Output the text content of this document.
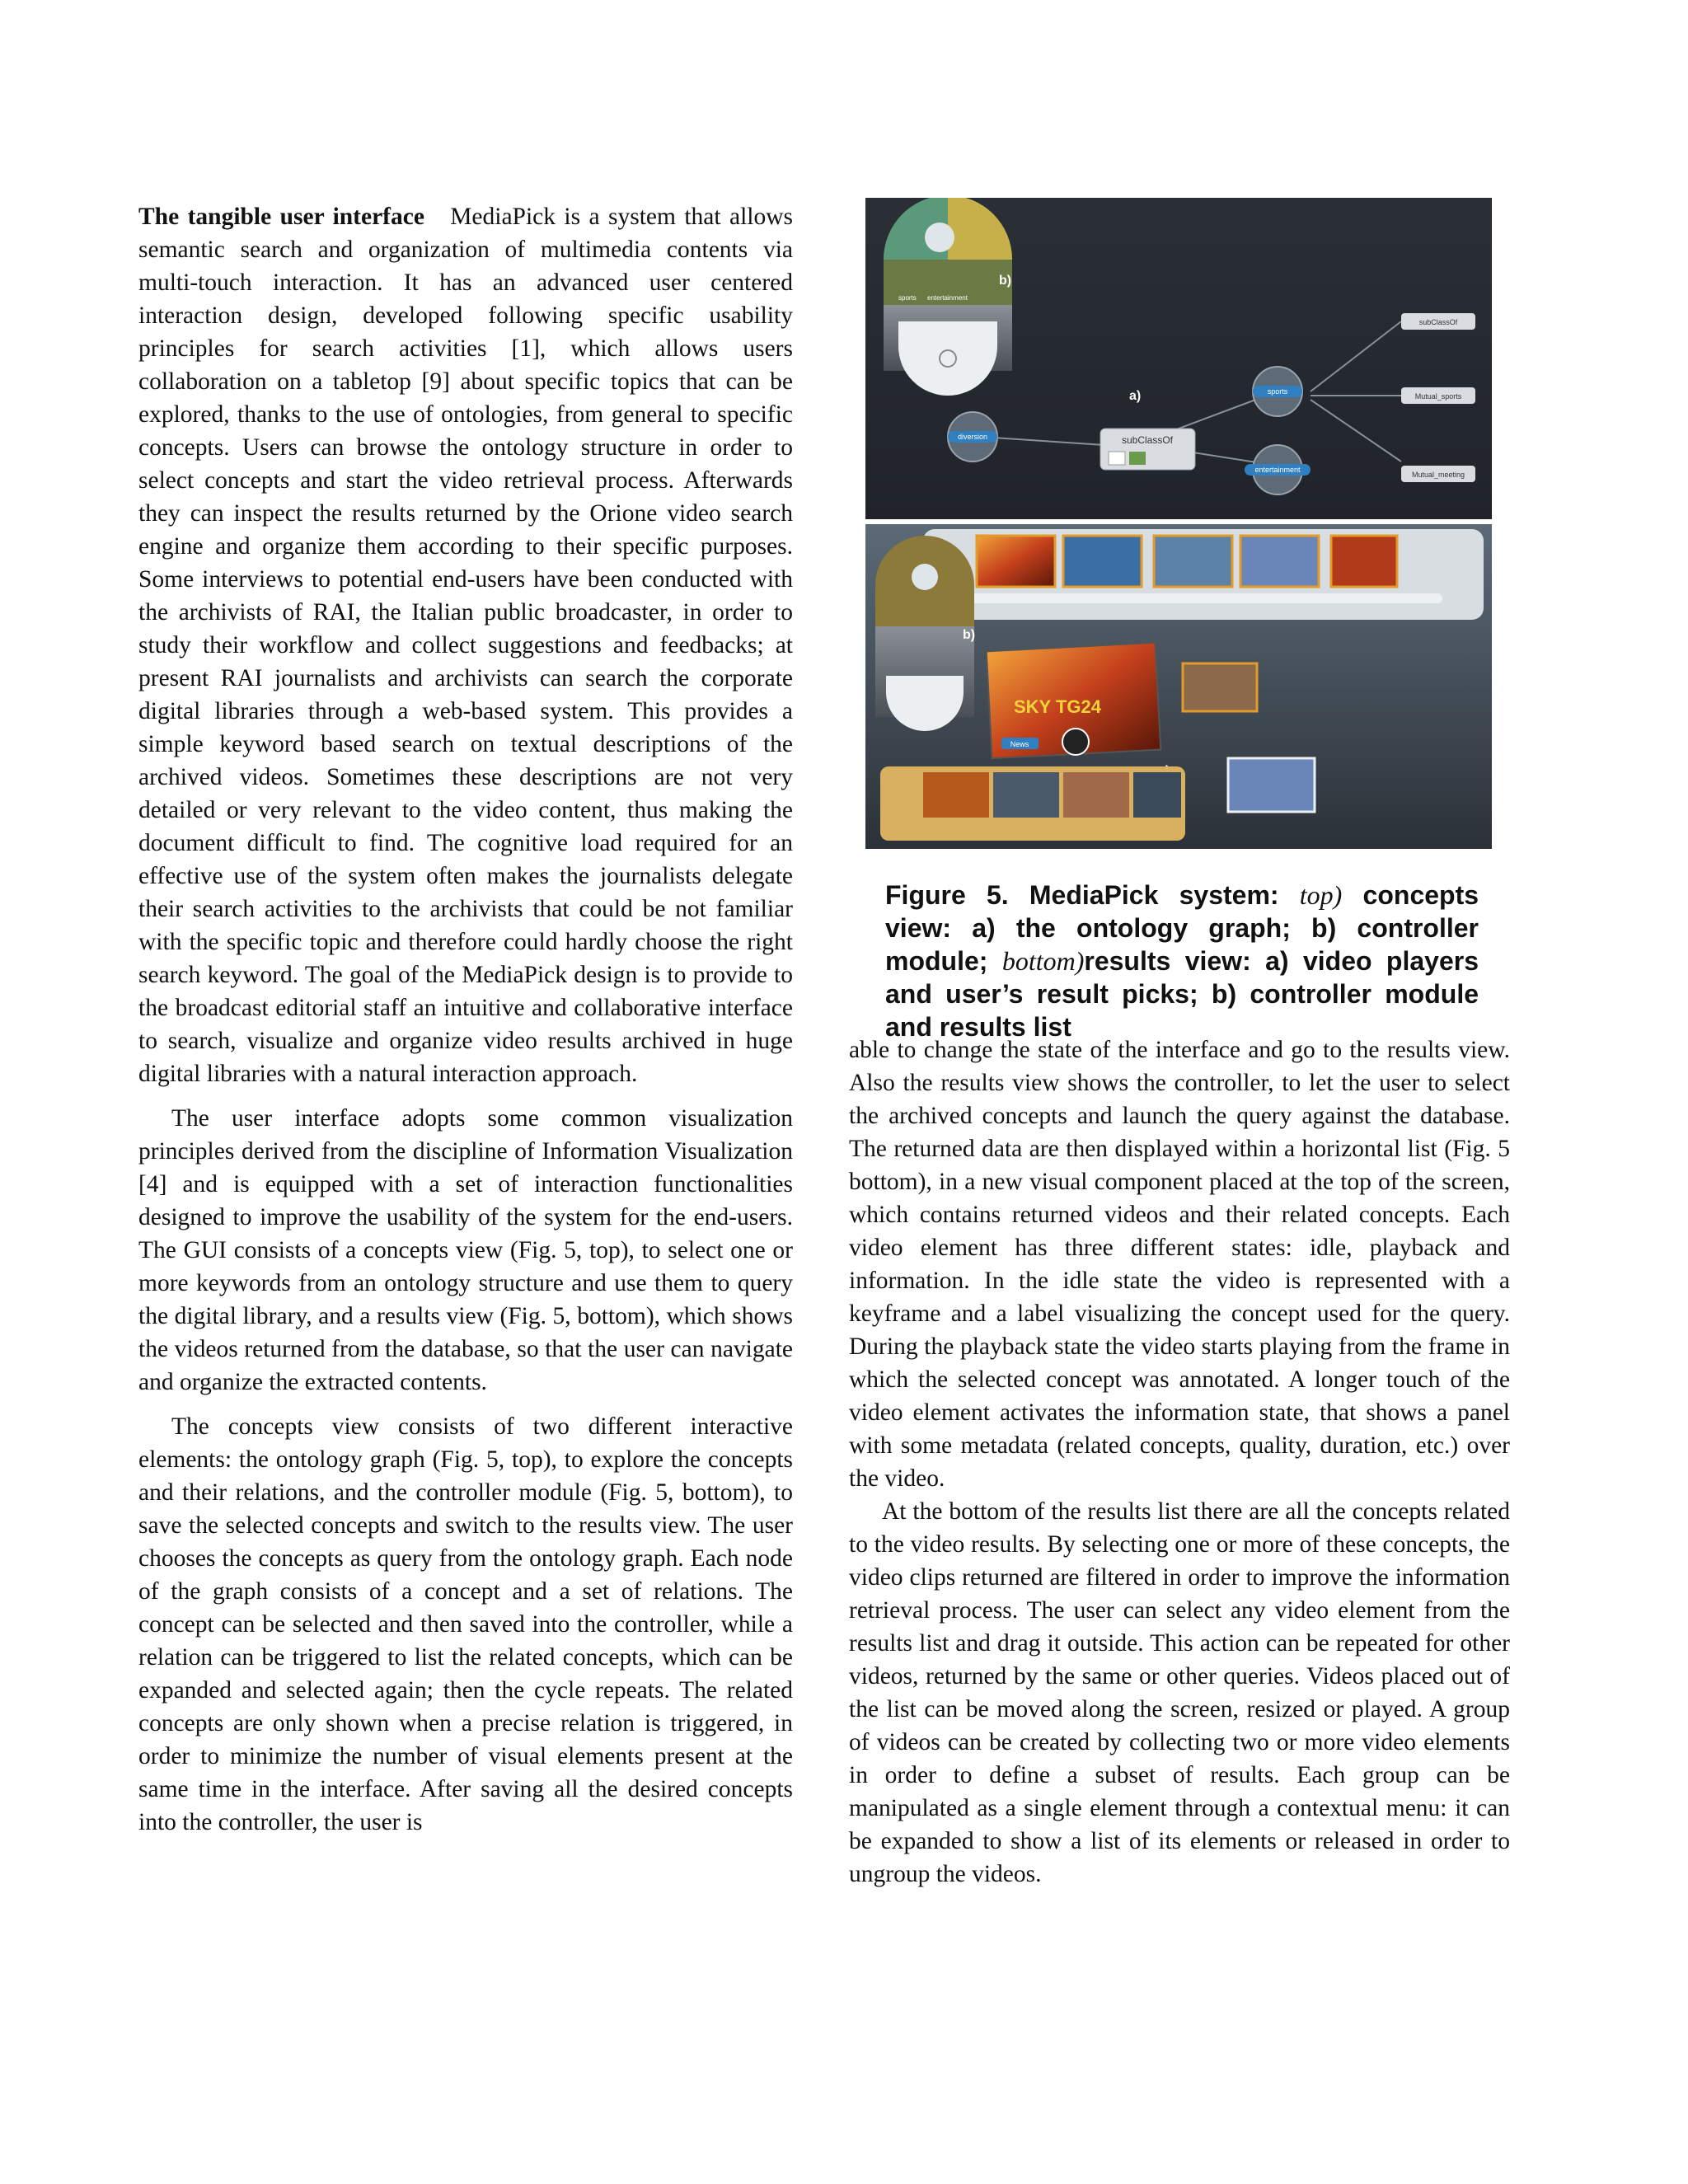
The tangible user interface MediaPick is a system that allows semantic search and organization of multimedia contents via multi-touch interaction. It has an advanced user centered interaction design, developed following specific usability principles for search activities [1], which allows users collaboration on a tabletop [9] about specific topics that can be explored, thanks to the use of ontologies, from general to specific concepts. Users can browse the ontology structure in order to select concepts and start the video retrieval process. Afterwards they can inspect the results returned by the Orione video search engine and organize them according to their specific purposes. Some interviews to potential end-users have been conducted with the archivists of RAI, the Italian public broadcaster, in order to study their workflow and collect suggestions and feedbacks; at present RAI journalists and archivists can search the corporate digital libraries through a web-based system. This provides a simple keyword based search on textual descriptions of the archived videos. Sometimes these descriptions are not very detailed or very relevant to the video content, thus making the document difficult to find. The cognitive load required for an effective use of the system often makes the journalists delegate their search activities to the archivists that could be not familiar with the specific topic and therefore could hardly choose the right search keyword. The goal of the MediaPick design is to provide to the broadcast editorial staff an intuitive and collaborative interface to search, visualize and organize video results archived in huge digital libraries with a natural interaction approach.

The user interface adopts some common visualization principles derived from the discipline of Information Visualization [4] and is equipped with a set of interaction functionalities designed to improve the usability of the system for the end-users. The GUI consists of a concepts view (Fig. 5, top), to select one or more keywords from an ontology structure and use them to query the digital library, and a results view (Fig. 5, bottom), which shows the videos returned from the database, so that the user can navigate and organize the extracted contents.

The concepts view consists of two different interactive elements: the ontology graph (Fig. 5, top), to explore the concepts and their relations, and the controller module (Fig. 5, bottom), to save the selected concepts and switch to the results view. The user chooses the concepts as query from the ontology graph. Each node of the graph consists of a concept and a set of relations. The concept can be selected and then saved into the controller, while a relation can be triggered to list the related concepts, which can be expanded and selected again; then the cycle repeats. The related concepts are only shown when a precise relation is triggered, in order to minimize the number of visual elements present at the same time in the interface. After saving all the desired concepts into the controller, the user is

sports entertainment
b)
a)
diversion	subClassOf
sports
entertainment
subClassOf
Mutual_sports
Mutual_meeting
b)
SKY TG24
News
Figure 5. MediaPick system: top) concepts view: a) the ontology graph; b) controller module; bottom)results view: a) video players and user’s result picks; b) controller module and results list

able to change the state of the interface and go to the results view. Also the results view shows the controller, to let the user to select the archived concepts and launch the query against the database. The returned data are then displayed within a horizontal list (Fig. 5 bottom), in a new visual component placed at the top of the screen, which contains returned videos and their related concepts. Each video element has three different states: idle, playback and information. In the idle state the video is represented with a keyframe and a label visualizing the concept used for the query. During the playback state the video starts playing from the frame in which the selected concept was annotated. A longer touch of the video element activates the information state, that shows a panel with some metadata (related concepts, quality, duration, etc.) over the video.

At the bottom of the results list there are all the concepts related to the video results. By selecting one or more of these concepts, the video clips returned are filtered in order to improve the information retrieval process. The user can select any video element from the results list and drag it outside. This action can be repeated for other videos, returned by the same or other queries. Videos placed out of the list can be moved along the screen, resized or played. A group of videos can be created by collecting two or more video elements in order to define a subset of results. Each group can be manipulated as a single element through a contextual menu: it can be expanded to show a list of its elements or released in order to ungroup the videos.
